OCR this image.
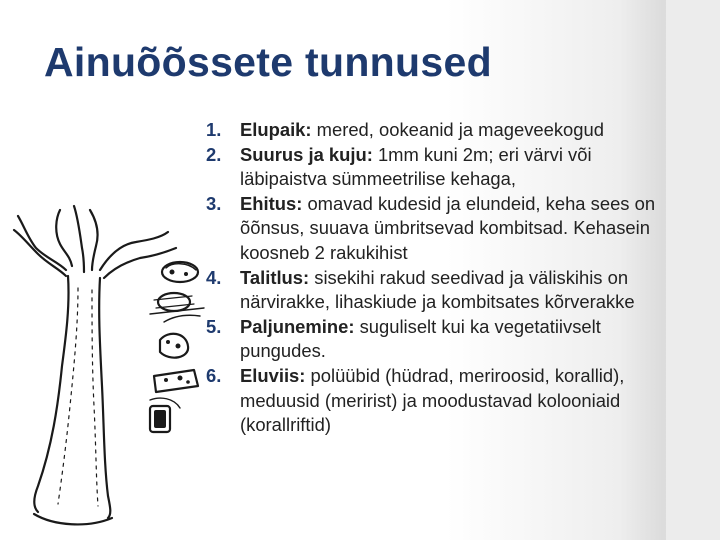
Ainuõõssete tunnused
1. Elupaik: mered, ookeanid ja mageveekogud
2. Suurus ja kuju: 1mm kuni 2m; eri värvi või läbipaistva sümmeetrilise kehaga,
3. Ehitus: omavad kudesid ja elundeid, keha sees on õõnsus, suuava ümbritsevad kombitsad. Kehasein koosneb 2 rakukihist
4. Talitlus: sisekihi rakud seedivad ja väliskihis on närvirakke, lihaskiude ja kombitsates kõrverakke
5. Paljunemine: suguliselt kui ka vegetatiivselt pungudes.
6. Eluviis: polüübid (hüdrad, meriroosid, korallid), meduusid (meririst) ja moodustavad kolooniaid (korallriftid)
